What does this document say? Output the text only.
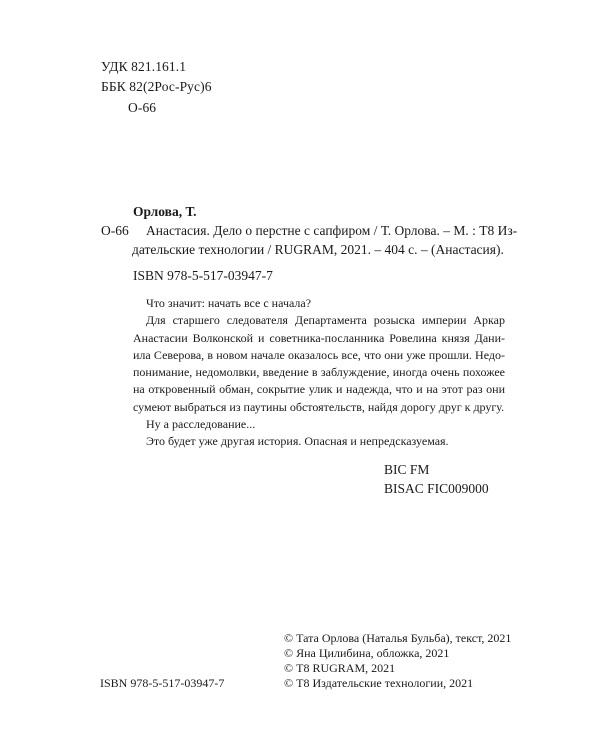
УДК 821.161.1
ББК 82(2Рос-Рус)6
О-66
Орлова, Т.
О-66 Анастасия. Дело о перстне с сапфиром / Т. Орлова. – М. : Т8 Из-
дательские технологии / RUGRAM, 2021. – 404 с. – (Анастасия).
ISBN 978-5-517-03947-7
Что значит: начать все с начала?
Для старшего следователя Департамента розыска империи Аркар
Анастасии Волконской и советника-посланника Ровелина князя Дани-
ила Северова, в новом начале оказалось все, что они уже прошли. Недо-
понимание, недомолвки, введение в заблуждение, иногда очень похожее
на откровенный обман, сокрытие улик и надежда, что и на этот раз они
сумеют выбраться из паутины обстоятельств, найдя дорогу друг к другу.
Ну а расследование...
Это будет уже другая история. Опасная и непредсказуемая.
BIC FM
BISAC FIC009000
ISBN 978-5-517-03947-7
© Тата Орлова (Наталья Бульба), текст, 2021
© Яна Цилибина, обложка, 2021
© Т8 RUGRAM, 2021
© Т8 Издательские технологии, 2021
